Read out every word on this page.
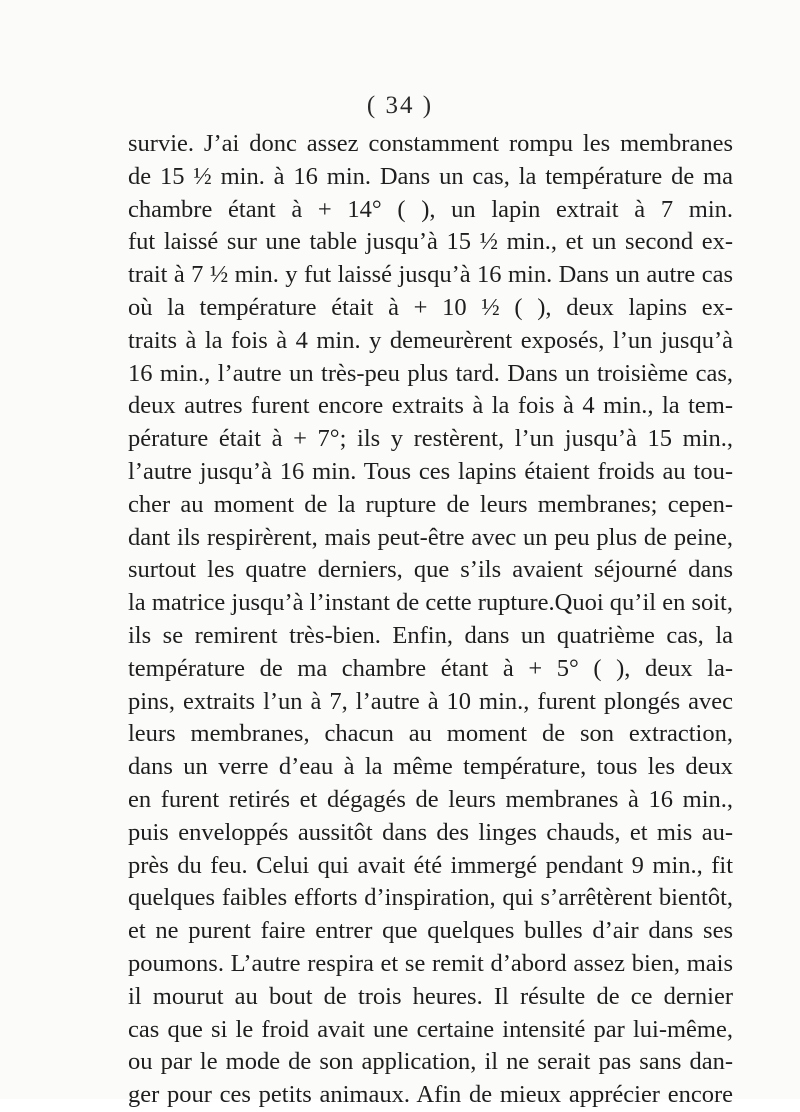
( 34 )
survie. J’ai donc assez constamment rompu les membranes
de 15 ½ min. à 16 min. Dans un cas, la température de ma
chambre étant à + 14° ( ), un lapin extrait à 7 min.
fut laissé sur une table jusqu’à 15 ½ min., et un second ex-
trait à 7 ½ min. y fut laissé jusqu’à 16 min. Dans un autre cas
où la température était à + 10 ½ ( ), deux lapins ex-
traits à la fois à 4 min. y demeurèrent exposés, l’un jusqu’à
16 min., l’autre un très-peu plus tard. Dans un troisième cas,
deux autres furent encore extraits à la fois à 4 min., la tem-
pérature était à + 7°; ils y restèrent, l’un jusqu’à 15 min.,
l’autre jusqu’à 16 min. Tous ces lapins étaient froids au tou-
cher au moment de la rupture de leurs membranes; cepen-
dant ils respirèrent, mais peut-être avec un peu plus de peine,
surtout les quatre derniers, que s’ils avaient séjourné dans
la matrice jusqu’à l’instant de cette rupture.Quoi qu’il en soit,
ils se remirent très-bien. Enfin, dans un quatrième cas, la
température de ma chambre étant à + 5° ( ), deux la-
pins, extraits l’un à 7, l’autre à 10 min., furent plongés avec
leurs membranes, chacun au moment de son extraction,
dans un verre d’eau à la même température, tous les deux
en furent retirés et dégagés de leurs membranes à 16 min.,
puis enveloppés aussitôt dans des linges chauds, et mis au-
près du feu. Celui qui avait été immergé pendant 9 min., fit
quelques faibles efforts d’inspiration, qui s’arrêtèrent bientôt,
et ne purent faire entrer que quelques bulles d’air dans ses
poumons. L’autre respira et se remit d’abord assez bien, mais
il mourut au bout de trois heures. Il résulte de ce dernier
cas que si le froid avait une certaine intensité par lui-même,
ou par le mode de son application, il ne serait pas sans dan-
ger pour ces petits animaux. Afin de mieux apprécier encore
